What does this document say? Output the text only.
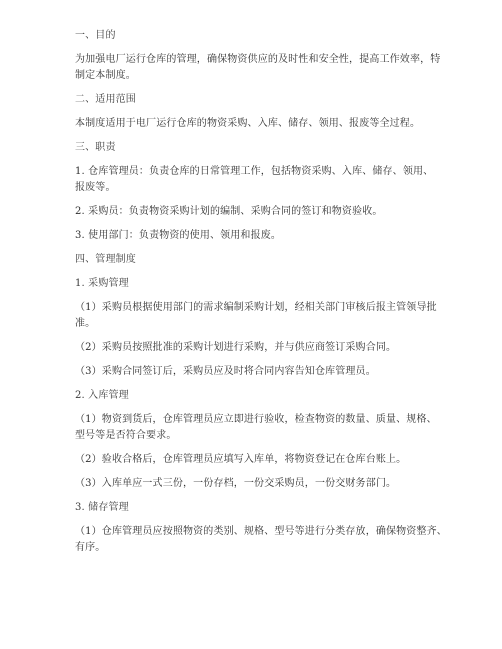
一、目的
为加强电厂运行仓库的管理，确保物资供应的及时性和安全性，提高工作效率，特
制定本制度。
二、适用范围
本制度适用于电厂运行仓库的物资采购、入库、储存、领用、报废等全过程。
三、职责
1. 仓库管理员：负责仓库的日常管理工作，包括物资采购、入库、储存、领用、
报废等。
2. 采购员：负责物资采购计划的编制、采购合同的签订和物资验收。
3. 使用部门：负责物资的使用、领用和报废。
四、管理制度
1. 采购管理
（1）采购员根据使用部门的需求编制采购计划，经相关部门审核后报主管领导批
准。
（2）采购员按照批准的采购计划进行采购，并与供应商签订采购合同。
（3）采购合同签订后，采购员应及时将合同内容告知仓库管理员。
2. 入库管理
（1）物资到货后，仓库管理员应立即进行验收，检查物资的数量、质量、规格、
型号等是否符合要求。
（2）验收合格后，仓库管理员应填写入库单，将物资登记在仓库台账上。
（3）入库单应一式三份，一份存档，一份交采购员，一份交财务部门。
3. 储存管理
（1）仓库管理员应按照物资的类别、规格、型号等进行分类存放，确保物资整齐、
有序。
